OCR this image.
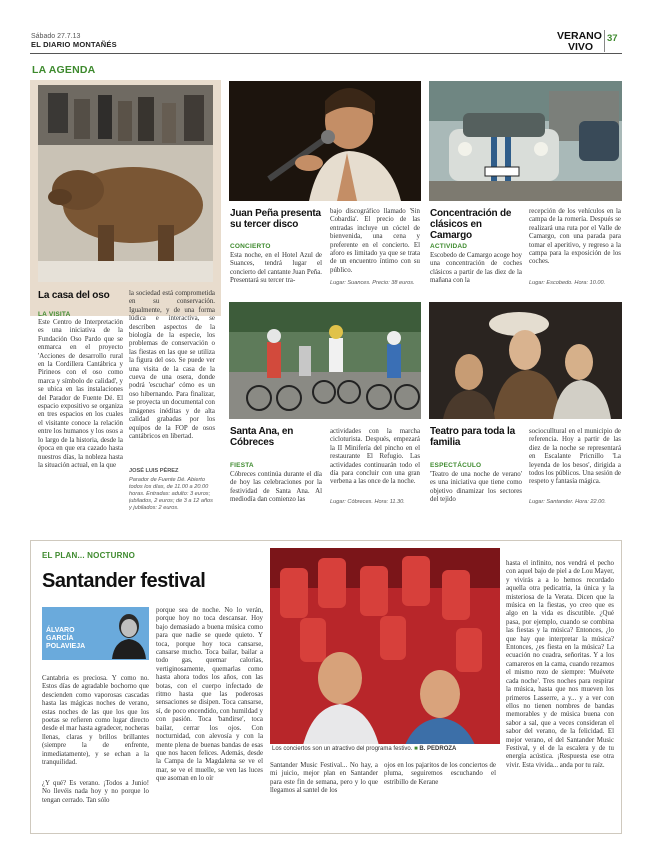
Sábado 27.7.13
EL DIARIO MONTAÑÉS
VERANO
VIVO
37
LA AGENDA
La casa del oso
LA VISITA
Este Centro de Interpretación es una iniciativa de la Fundación Oso Pardo que se enmarca en el proyecto 'Acciones de desarrollo rural en la Cordillera Cantábrica y Pirineos con el oso como marca y símbolo de calidad', y se ubica en las instalaciones del Parador de Fuente Dé. El espacio expositivo se organiza en tres espacios en los cuales el visitante conoce la relación entre los humanos y los osos a lo largo de la historia, desde la época en que era cazado hasta nuestros días, la nobleza hasta la situación actual, en la que
la sociedad está comprometida en su conservación. Igualmente, y de una forma lúdica e interactiva, se describen aspectos de la biología de la especie, los problemas de conservación o las fiestas en las que se utiliza la figura del oso. Se puede ver una visita de la casa de la cueva de una osera, donde podrá 'escuchar' cómo es un oso hibernando. Para finalizar, se proyecta un documental con imágenes inéditas y de alta calidad grabadas por los equipos de la FOP de osos cantábricos en libertad.
JOSÉ LUIS PÉREZ
Parador de Fuente Dé. Abierto todos los días, de 11.00 a 20.00 horas. Entradas: adulto: 3 euros; jubilados, 2 euros; de 3 a 12 años y jubilados: 2 euros.
Juan Peña presenta su tercer disco
CONCIERTO
Esta noche, en el Hotel Azul de Suances, tendrá lugar el concierto del cantante Juan Peña. Presentará su tercer tra-
bajo discográfico llamado 'Sin Cobardía'. El precio de las entradas incluye un cóctel de bienvenida, una cena y preferente en el concierto. El aforo es limitado ya que se trata de un encuentro íntimo con su público.
Lugar: Suances. Precio: 38 euros.
Concentración de clásicos en Camargo
ACTIVIDAD
Escobedo de Camargo acoge hoy una concentración de coches clásicos a partir de las diez de la mañana con la
recepción de los vehículos en la campa de la romería. Después se realizará una ruta por el Valle de Camargo, con una parada para tomar el aperitivo, y regreso a la campa para la exposición de los coches.
Lugar: Escobedo. Hora: 10.00.
Santa Ana, en Cóbreces
FIESTA
Cóbreces continúa durante el día de hoy las celebraciones por la festividad de Santa Ana. Al mediodía dan comienzo las
actividades con la marcha cicloturista. Después, empezará la II Minifería del pincho en el restaurante El Refugio. Las actividades continuarán todo el día para concluir con una gran verbena a las once de la noche.
Lugar: Cóbreces. Hora: 11.30.
Teatro para toda la familia
ESPECTÁCULO
'Teatro de una noche de verano' es una iniciativa que tiene como objetivo dinamizar los sectores del tejido
socioculltural en el municipio de referencia. Hoy a partir de las diez de la noche se representará en Escalante Pricnillo 'La leyenda de los besos', dirigida a todos los públicos. Una sesión de respeto y fantasía mágica.
Lugar: Santander. Hora: 22.00.
EL PLAN... NOCTURNO
Santander festival
ÁLVARO
GARCÍA
POLAVIEJA
Cantabria es preciosa. Y como no. Estos días de agradable bochorno que descienden como vaporosas cascadas hasta las mágicas noches de verano, estas noches de las que los que los poetas se refieren como lugar directo desde el mar hasta agradecer, nocheras llenas, claras y brillos brillantes (siempre la de enfrente, inmediatamente), y se echan a la tranquilidad.
¿Y qué? Es verano. ¡Todos a Junio! No llevéis nada hoy y no porque lo tengan cerrado. Tan sólo
porque sea de noche. No lo verán, porque hoy no toca descansar. Hoy bajo demasiado a buena música como para que nadie se quede quieto. Y toca, porque hoy toca cansarse, cansarse mucho. Toca bailar, bailar a todo gas, quemar calorías, vertiginosamente, quemarlas como hasta ahora todos los años, con las botas, con el cuerpo infectado de ritmo hasta que las poderosas sensaciones se disipen. Toca cansarse, sí, de poco encendido, con humildad y con pasión. Toca 'bandirse', toca bailar, cerrar los ojos. Con nocturnidad, con alevosía y con la mente plena de buenas bandas de esas que nos hacen felices. Además, desde la Campa de la Magdalena se ve el mar, se ve el muelle, se ven las luces que asoman en lo oír
Los conciertos son un atractivo del programa festivo. ■ B. PEDROZA
Santander Music Festival... No hay, a mi juicio, mejor plan en Santander para este fin de semana, pero y lo que llegamos al santel de los
ojos en los pajaritos de los conciertos de pluma, seguiremos escuchando el estribillo de Kerane
hasta el infinito, nos vendrá el pecho con aquel bajo de piel a de Lou Mayer, y vivirás a a lo hemos recordado aquella otra pedicatria, la única y la misteriosa de la Verata. Dicen que la música en la fiestas, yo creo que es algo en la vida es discutible. ¿Qué pasa, por ejemplo, cuando se combina las fiestas y la música? Entonces, ¿lo que hay que interpretar la música? Entonces, ¿es fiesta en la música? La ecuación no cuadra, señoritas. Y a los camareros en la cama, cuando rezamos el mismo rezo de siempre: 'Muévete cada noche'. Tres noches para respirar la música, hasta que nos mueven los primeros Lasserre, a y... y a ver con ellos no tienen nombres de bandas memorables y de música buena con sabor a sal, que a veces consideran el sabor del verano, de la felicidad. El mejor verano, el del Santander Music Festival, y el de la escalera y de tu energía acústica. ¡Respuesta ese otra vivir. Esta vivida... anda por tu raíz.
